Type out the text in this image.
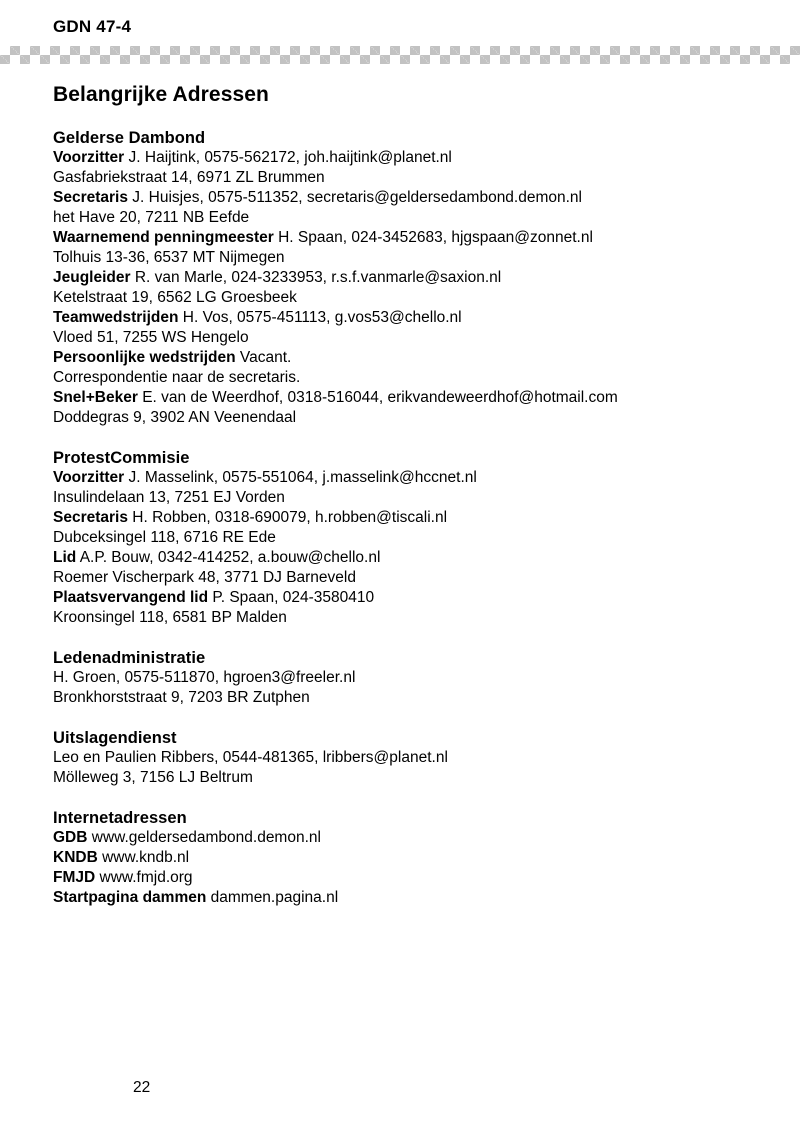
GDN 47-4
Belangrijke Adressen
Gelderse Dambond
Voorzitter J. Haijtink, 0575-562172, joh.haijtink@planet.nl
Gasfabriekstraat 14, 6971 ZL Brummen
Secretaris J. Huisjes, 0575-511352, secretaris@geldersedambond.demon.nl
het Have 20, 7211 NB Eefde
Waarnemend penningmeester H. Spaan, 024-3452683, hjgspaan@zonnet.nl
Tolhuis 13-36, 6537 MT Nijmegen
Jeugleider R. van Marle, 024-3233953, r.s.f.vanmarle@saxion.nl
Ketelstraat 19, 6562 LG Groesbeek
Teamwedstrijden H. Vos, 0575-451113, g.vos53@chello.nl
Vloed 51, 7255 WS Hengelo
Persoonlijke wedstrijden Vacant.
Correspondentie naar de secretaris.
Snel+Beker E. van de Weerdhof, 0318-516044, erikvandeweerdhof@hotmail.com
Doddegras 9, 3902 AN Veenendaal
ProtestCommisie
Voorzitter J. Masselink, 0575-551064, j.masselink@hccnet.nl
Insulindelaan 13, 7251 EJ Vorden
Secretaris H. Robben, 0318-690079, h.robben@tiscali.nl
Dubceksingel 118, 6716 RE Ede
Lid A.P. Bouw, 0342-414252, a.bouw@chello.nl
Roemer Vischerpark 48, 3771 DJ Barneveld
Plaatsvervangend lid P. Spaan, 024-3580410
Kroonsingel 118, 6581 BP Malden
Ledenadministratie
H. Groen, 0575-511870, hgroen3@freeler.nl
Bronkhorststraat 9, 7203 BR Zutphen
Uitslagendienst
Leo en Paulien Ribbers, 0544-481365, lribbers@planet.nl
Mölleweg 3, 7156 LJ Beltrum
Internetadressen
GDB www.geldersedambond.demon.nl
KNDB www.kndb.nl
FMJD www.fmjd.org
Startpagina dammen dammen.pagina.nl
22
